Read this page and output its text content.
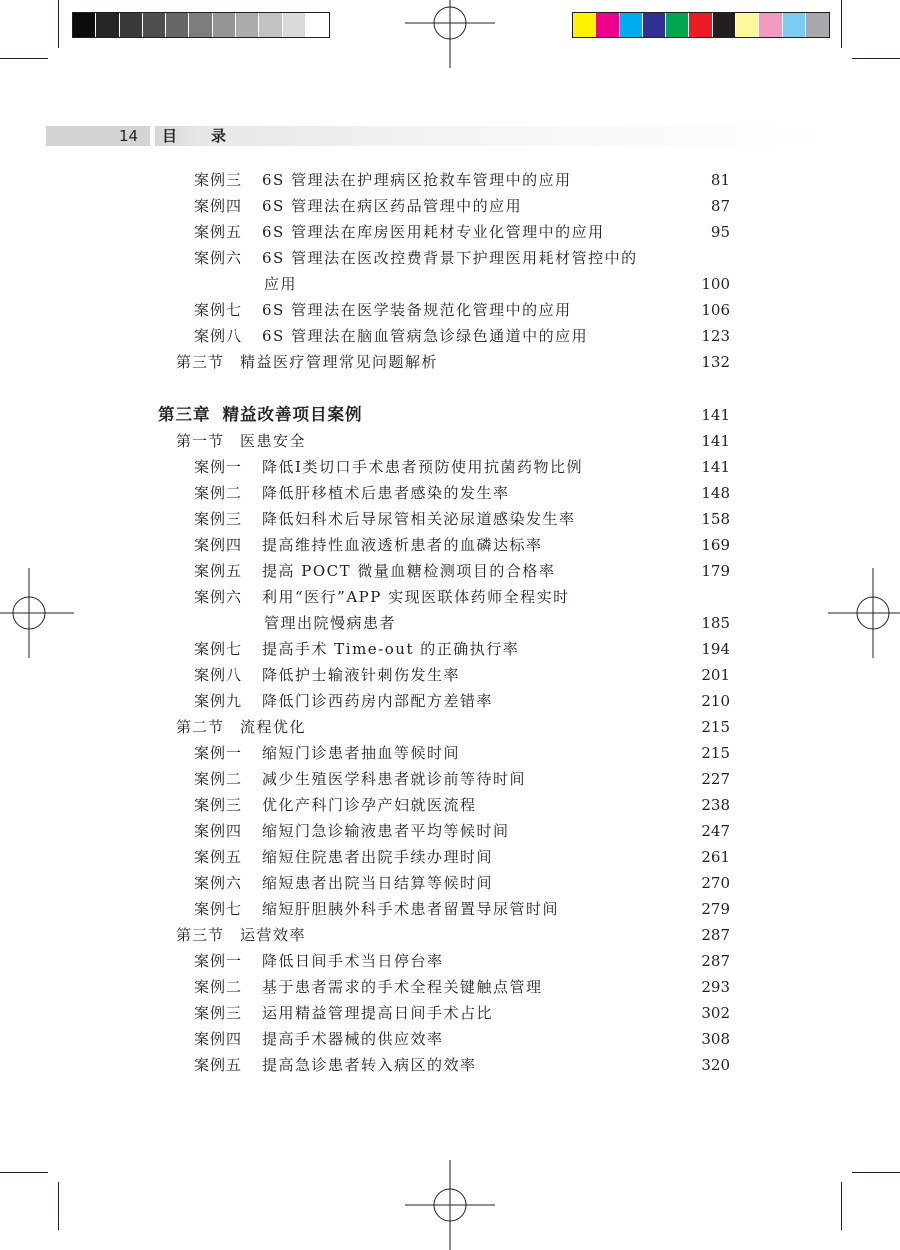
14 目录
案例三 6S 管理法在护理病区抢救车管理中的应用	81
案例四 6S 管理法在病区药品管理中的应用	87
案例五 6S 管理法在库房医用耗材专业化管理中的应用	95
案例六 6S 管理法在医改控费背景下护理医用耗材管控中的
应用	100
案例七 6S 管理法在医学装备规范化管理中的应用	106
案例八 6S 管理法在脑血管病急诊绿色通道中的应用	123
第三节 精益医疗管理常见问题解析	132
第三章 精益改善项目案例	141
第一节 医患安全	141
案例一 降低Ⅰ类切口手术患者预防使用抗菌药物比例	141
案例二 降低肝移植术后患者感染的发生率	148
案例三 降低妇科术后导尿管相关泌尿道感染发生率	158
案例四 提高维持性血液透析患者的血磷达标率	169
案例五 提高 POCT 微量血糖检测项目的合格率	179
案例六 利用“医行”APP 实现医联体药师全程实时
管理出院慢病患者	185
案例七 提高手术 Time-out 的正确执行率	194
案例八 降低护士输液针刺伤发生率	201
案例九 降低门诊西药房内部配方差错率	210
第二节 流程优化	215
案例一 缩短门诊患者抽血等候时间	215
案例二 减少生殖医学科患者就诊前等待时间	227
案例三 优化产科门诊孕产妇就医流程	238
案例四 缩短门急诊输液患者平均等候时间	247
案例五 缩短住院患者出院手续办理时间	261
案例六 缩短患者出院当日结算等候时间	270
案例七 缩短肝胆胰外科手术患者留置导尿管时间	279
第三节 运营效率	287
案例一 降低日间手术当日停台率	287
案例二 基于患者需求的手术全程关键触点管理	293
案例三 运用精益管理提高日间手术占比	302
案例四 提高手术器械的供应效率	308
案例五 提高急诊患者转入病区的效率	320
